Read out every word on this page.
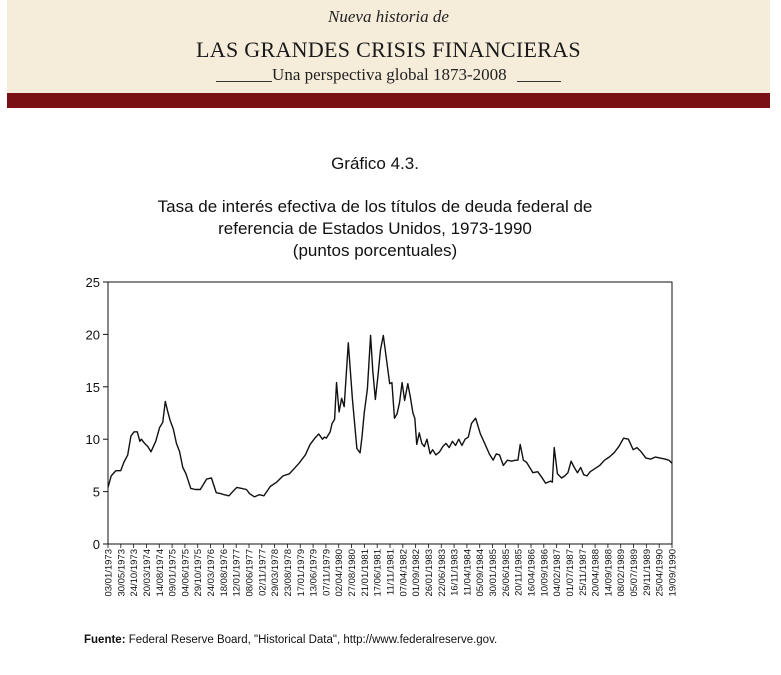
Nueva historia de
LAS GRANDES CRISIS FINANCIERAS
Una perspectiva global 1873-2008
Gráfico 4.3.
Tasa de interés efectiva de los títulos de deuda federal de
referencia de Estados Unidos, 1973-1990
(puntos porcentuales)
0
5
10
15
20
25
03/01/1973 30/05/1973 24/10/1973 20/03/1974 14/08/1974 09/01/1975 04/06/1975 29/10/1975 24/03/1976 18/08/1976 12/01/1977 08/06/1977 02/11/1977 29/03/1978 23/08/1978 17/01/1979 13/06/1979 07/11/1979 02/04/1980 27/08/1980 21/01/1981 17/06/1981 11/11/1981 07/04/1982 01/09/1982 26/01/1983 22/06/1983 16/11/1983 11/04/1984 05/09/1984 30/01/1985 26/06/1985 20/11/1985 16/04/1986 10/09/1986 04/02/1987 01/07/1987 25/11/1987 20/04/1988 14/09/1988 08/02/1989 05/07/1989 29/11/1989 25/04/1990 19/09/1990
Fuente: Federal Reserve Board, "Historical Data", http://www.federalreserve.gov.
